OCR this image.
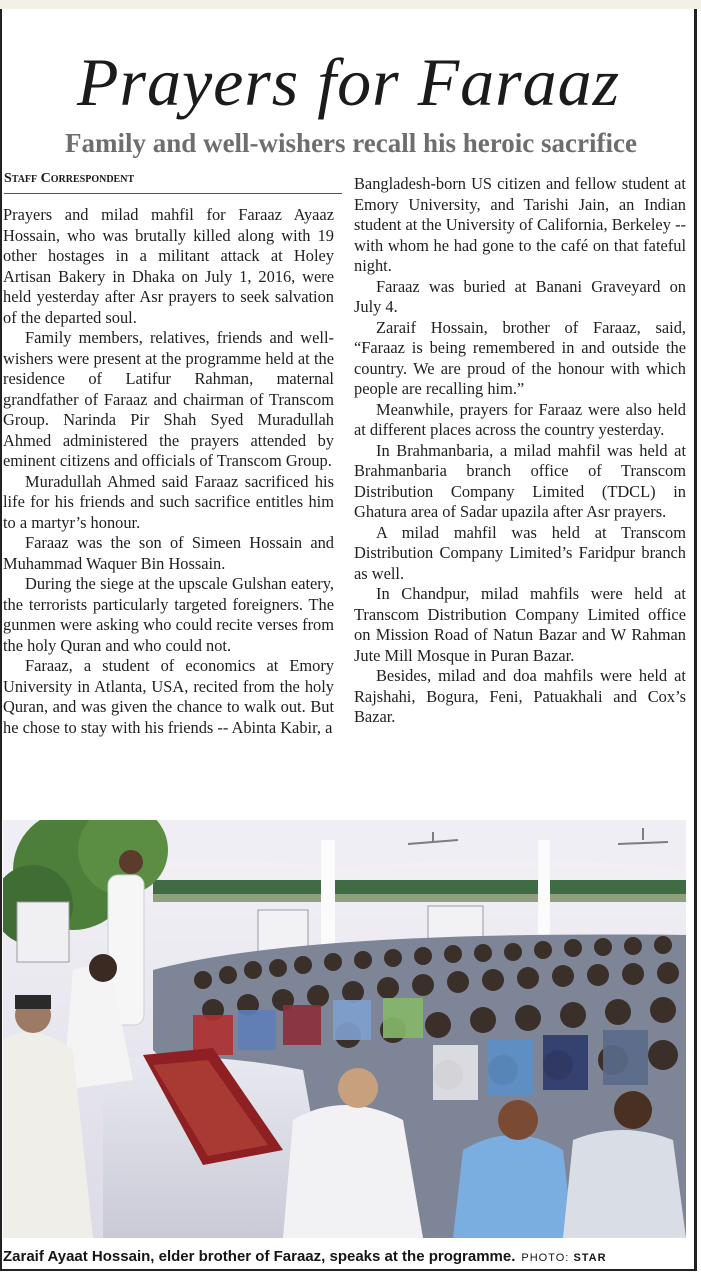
Prayers for Faraaz
Family and well-wishers recall his heroic sacrifice
Staff Correspondent

Prayers and milad mahfil for Faraaz Ayaaz Hossain, who was brutally killed along with 19 other hostages in a militant attack at Holey Artisan Bakery in Dhaka on July 1, 2016, were held yesterday after Asr prayers to seek salvation of the departed soul.

Family members, relatives, friends and well-wishers were present at the programme held at the residence of Latifur Rahman, maternal grandfather of Faraaz and chairman of Transcom Group. Narinda Pir Shah Syed Muradullah Ahmed administered the prayers attended by eminent citizens and officials of Transcom Group.

Muradullah Ahmed said Faraaz sacrificed his life for his friends and such sacrifice entitles him to a martyr’s honour.

Faraaz was the son of Simeen Hossain and Muhammad Waquer Bin Hossain.

During the siege at the upscale Gulshan eatery, the terrorists particularly targeted foreigners. The gunmen were asking who could recite verses from the holy Quran and who could not.

Faraaz, a student of economics at Emory University in Atlanta, USA, recited from the holy Quran, and was given the chance to walk out. But he chose to stay with his friends -- Abinta Kabir, a

Bangladesh-born US citizen and fellow student at Emory University, and Tarishi Jain, an Indian student at the University of California, Berkeley -- with whom he had gone to the café on that fateful night.

Faraaz was buried at Banani Graveyard on July 4.

Zaraif Hossain, brother of Faraaz, said, “Faraaz is being remembered in and outside the country. We are proud of the honour with which people are recalling him.”

Meanwhile, prayers for Faraaz were also held at different places across the country yesterday.

In Brahmanbaria, a milad mahfil was held at Brahmanbaria branch office of Transcom Distribution Company Limited (TDCL) in Ghatura area of Sadar upazila after Asr prayers.

A milad mahfil was held at Transcom Distribution Company Limited’s Faridpur branch as well.

In Chandpur, milad mahfils were held at Transcom Distribution Company Limited office on Mission Road of Natun Bazar and W Rahman Jute Mill Mosque in Puran Bazar.

Besides, milad and doa mahfils were held at Rajshahi, Bogura, Feni, Patuakhali and Cox’s Bazar.

Zaraif Ayaat Hossain, elder brother of Faraaz, speaks at the programme. PHOTO: STAR
